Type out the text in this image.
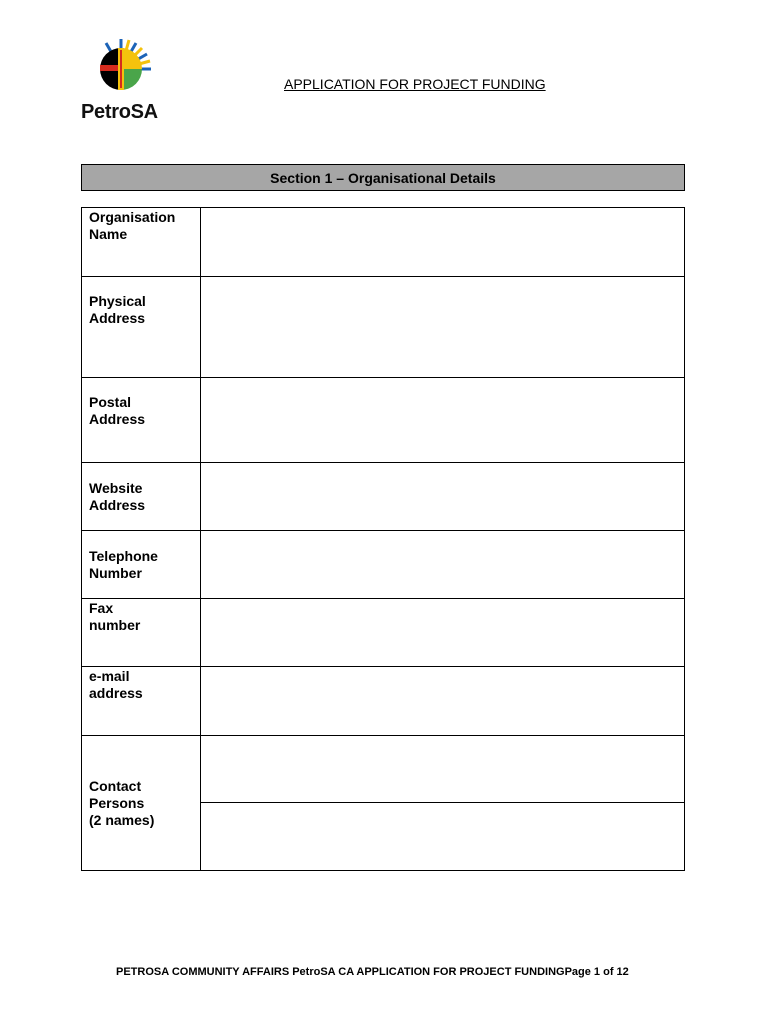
PetroSA
APPLICATION FOR PROJECT FUNDING
Section 1 – Organisational Details
Organisation
Name	

Physical
Address	

Postal
Address	

Website
Address	

Telephone
Number	

Fax
number	

e-mail
address	

Contact
Persons
(2 names)	

PETROSA COMMUNITY AFFAIRS PetroSA CA APPLICATION FOR PROJECT FUNDINGPage 1 of 12
